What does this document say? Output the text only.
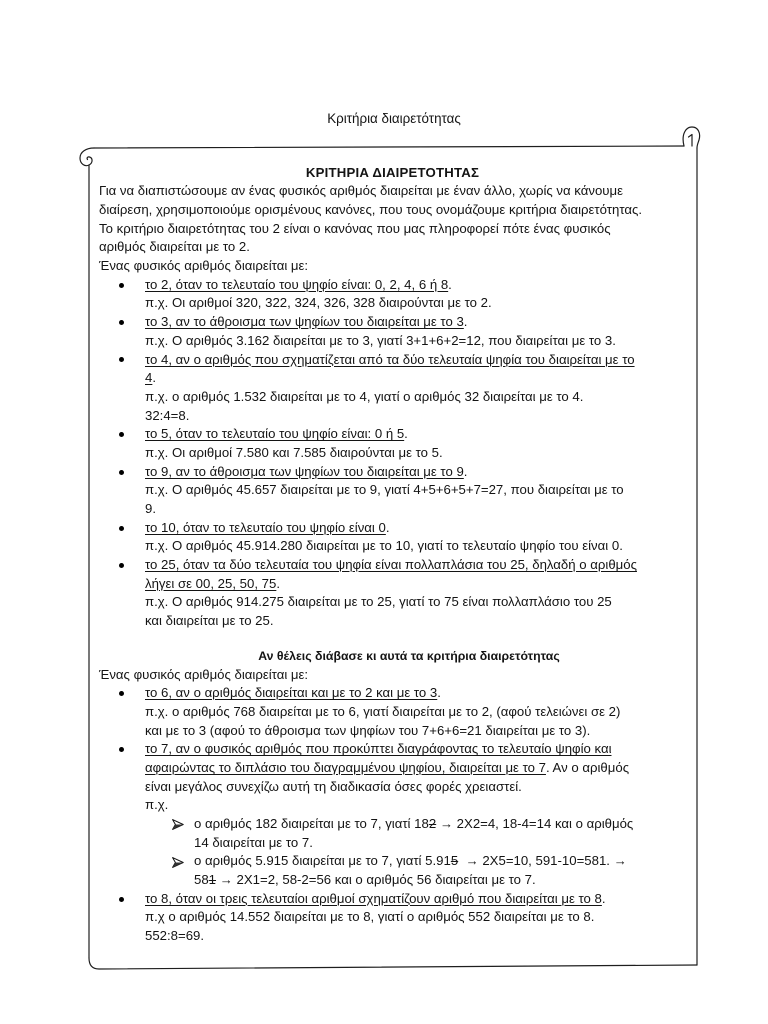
Κριτήρια διαιρετότητας
ΚΡΙΤΗΡΙΑ ΔΙΑΙΡΕΤΟΤΗΤΑΣ
Για να διαπιστώσουμε αν ένας φυσικός αριθμός διαιρείται με έναν άλλο, χωρίς να κάνουμε
διαίρεση, χρησιμοποιούμε ορισμένους κανόνες, που τους ονομάζουμε κριτήρια διαιρετότητας.
Το κριτήριο διαιρετότητας του 2 είναι ο κανόνας που μας πληροφορεί πότε ένας φυσικός
αριθμός διαιρείται με το 2.
Ένας φυσικός αριθμός διαιρείται με:
το 2, όταν το τελευταίο του ψηφίο είναι: 0, 2, 4, 6 ή 8.
π.χ. Οι αριθμοί 320, 322, 324, 326, 328 διαιρούνται με το 2.
το 3, αν το άθροισμα των ψηφίων του διαιρείται με το 3.
π.χ. Ο αριθμός 3.162 διαιρείται με το 3, γιατί 3+1+6+2=12, που διαιρείται με το 3.
το 4, αν ο αριθμός που σχηματίζεται από τα δύο τελευταία ψηφία του διαιρείται με το
4.
π.χ. ο αριθμός 1.532 διαιρείται με το 4, γιατί ο αριθμός 32 διαιρείται με το 4.
32:4=8.
το 5, όταν το τελευταίο του ψηφίο είναι: 0 ή 5.
π.χ. Οι αριθμοί 7.580 και 7.585 διαιρούνται με το 5.
το 9, αν το άθροισμα των ψηφίων του διαιρείται με το 9.
π.χ. Ο αριθμός 45.657 διαιρείται με το 9, γιατί 4+5+6+5+7=27, που διαιρείται με το
9.
το 10, όταν το τελευταίο του ψηφίο είναι 0.
π.χ. Ο αριθμός 45.914.280 διαιρείται με το 10, γιατί το τελευταίο ψηφίο του είναι 0.
το 25, όταν τα δύο τελευταία του ψηφία είναι πολλαπλάσια του 25, δηλαδή ο αριθμός
λήγει σε 00, 25, 50, 75.
π.χ. Ο αριθμός 914.275 διαιρείται με το 25, γιατί το 75 είναι πολλαπλάσιο του 25
και διαιρείται με το 25.
Αν θέλεις διάβασε κι αυτά τα κριτήρια διαιρετότητας
Ένας φυσικός αριθμός διαιρείται με:
το 6, αν ο αριθμός διαιρείται και με το 2 και με το 3.
π.χ. ο αριθμός 768 διαιρείται με το 6, γιατί διαιρείται με το 2, (αφού τελειώνει σε 2)
και με το 3 (αφού το άθροισμα των ψηφίων του 7+6+6=21 διαιρείται με το 3).
το 7, αν ο φυσικός αριθμός που προκύπτει διαγράφοντας το τελευταίο ψηφίο και
αφαιρώντας το διπλάσιο του διαγραμμένου ψηφίου, διαιρείται με το 7. Αν ο αριθμός
είναι μεγάλος συνεχίζω αυτή τη διαδικασία όσες φορές χρειαστεί.
π.χ.
ο αριθμός 182 διαιρείται με το 7, γιατί 182 → 2Χ2=4, 18-4=14 και ο αριθμός
14 διαιρείται με το 7.
ο αριθμός 5.915 διαιρείται με το 7, γιατί 5.915  → 2Χ5=10, 591-10=581. →
581 → 2Χ1=2, 58-2=56 και ο αριθμός 56 διαιρείται με το 7.
το 8, όταν οι τρεις τελευταίοι αριθμοί σχηματίζουν αριθμό που διαιρείται με το 8.
π.χ ο αριθμός 14.552 διαιρείται με το 8, γιατί ο αριθμός 552 διαιρείται με το 8.
552:8=69.
